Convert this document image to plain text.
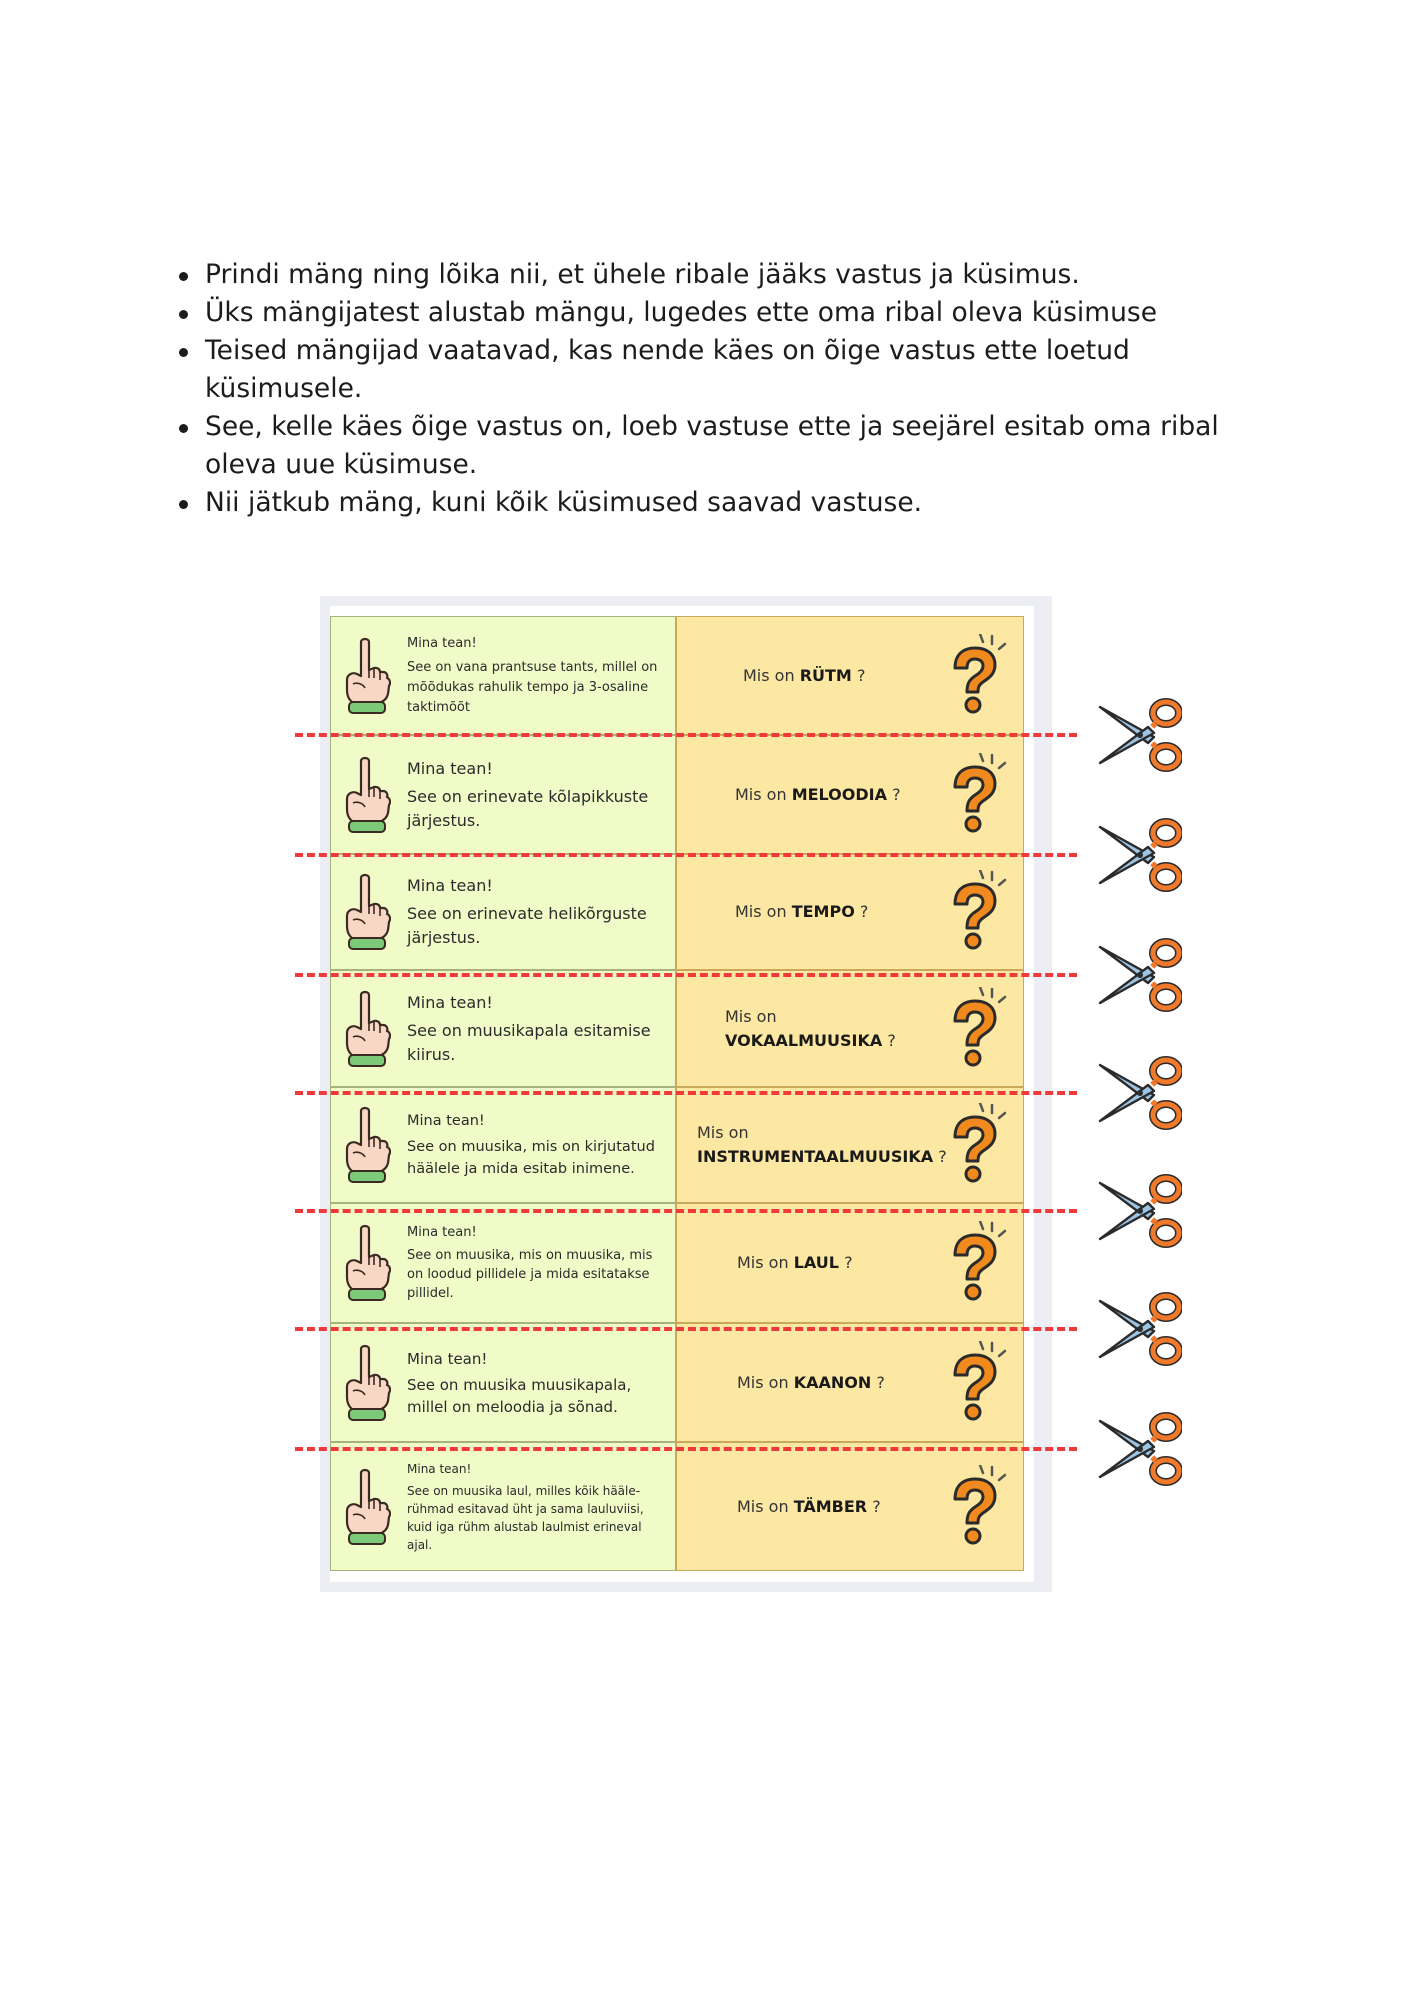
Prindi mäng ning lõika nii, et ühele ribale jääks vastus ja küsimus.
Üks mängijatest alustab mängu, lugedes ette oma ribal oleva küsimuse
Teised mängijad vaatavad, kas nende käes on õige vastus ette loetud küsimusele.
See, kelle käes õige vastus on, loeb vastuse ette ja seejärel esitab oma ribal oleva uue küsimuse.
Nii jätkub mäng, kuni kõik küsimused saavad vastuse.
Mina tean!
See on vana prantsuse tants, millel on mõõdukas rahulik tempo ja 3-osaline taktimõõt
Mis on RÜTM ?
Mina tean!
See on erinevate kõlapikkuste järjestus.
Mis on MELOODIA ?
Mina tean!
See on erinevate helikõrguste järjestus.
Mis on TEMPO ?
Mina tean!
See on muusikapala esitamise kiirus.
Mis on
VOKAALMUUSIKA ?
Mina tean!
See on muusika, mis on kirjutatud häälele ja mida esitab inimene.
Mis on
INSTRUMENTAALMUUSIKA ?
Mina tean!
See on muusika, mis on muusika, mis on loodud pillidele ja mida esitatakse pillidel.
Mis on LAUL ?
Mina tean!
See on muusika muusikapala, millel on meloodia ja sõnad.
Mis on KAANON ?
Mina tean!
See on muusika laul, milles kõik hääle-rühmad esitavad üht ja sama lauluviisi, kuid iga rühm alustab laulmist erineval ajal.
Mis on TÄMBER ?
